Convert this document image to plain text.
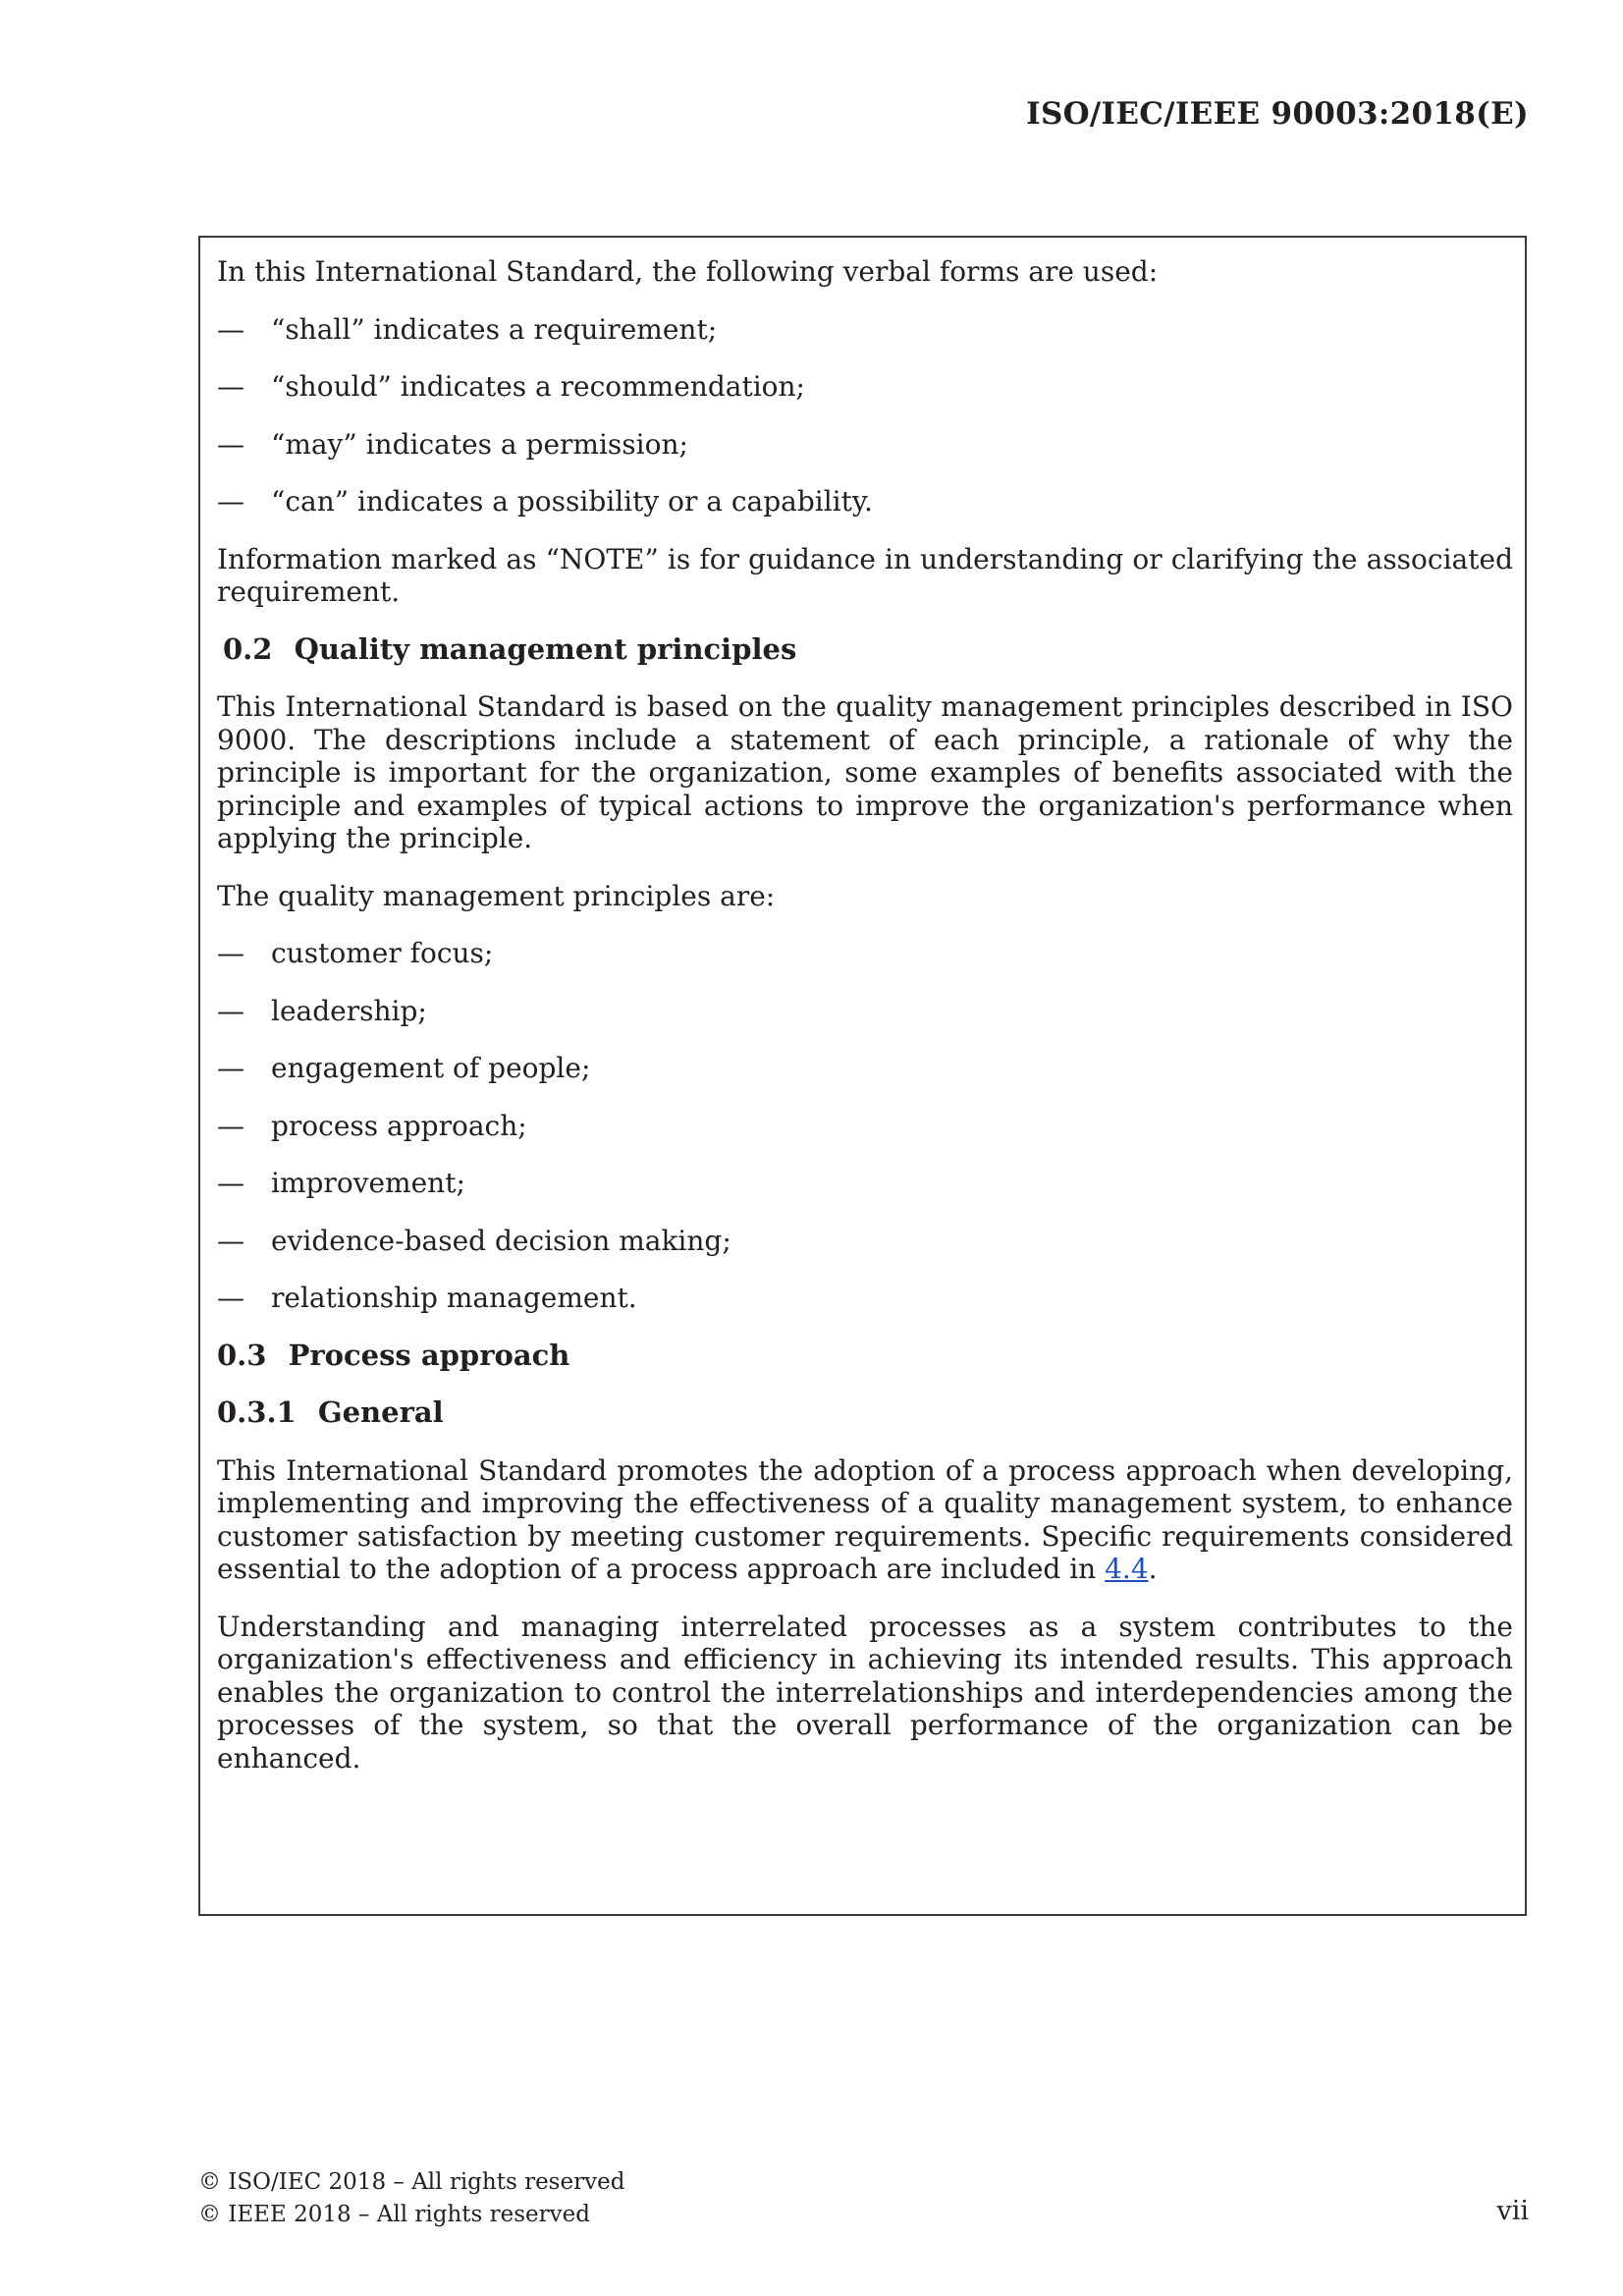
ISO/IEC/IEEE 90003:2018(E)

In this International Standard, the following verbal forms are used:

— “shall” indicates a requirement;
— “should” indicates a recommendation;
— “may” indicates a permission;
— “can” indicates a possibility or a capability.

Information marked as “NOTE” is for guidance in understanding or clarifying the associated requirement.

0.2 Quality management principles

This International Standard is based on the quality management principles described in ISO 9000. The descriptions include a statement of each principle, a rationale of why the principle is important for the organization, some examples of benefits associated with the principle and examples of typical actions to improve the organization's performance when applying the principle.

The quality management principles are:

— customer focus;
— leadership;
— engagement of people;
— process approach;
— improvement;
— evidence-based decision making;
— relationship management.
0.3 Process approach
0.3.1 General

This International Standard promotes the adoption of a process approach when developing, implementing and improving the effectiveness of a quality management system, to enhance customer satisfaction by meeting customer requirements. Specific requirements considered essential to the adoption of a process approach are included in 4.4.

Understanding and managing interrelated processes as a system contributes to the organization's effectiveness and efficiency in achieving its intended results. This approach enables the organization to control the interrelationships and interdependencies among the processes of the system, so that the overall performance of the organization can be enhanced.

© ISO/IEC 2018 – All rights reserved
© IEEE 2018 – All rights reserved	vii
